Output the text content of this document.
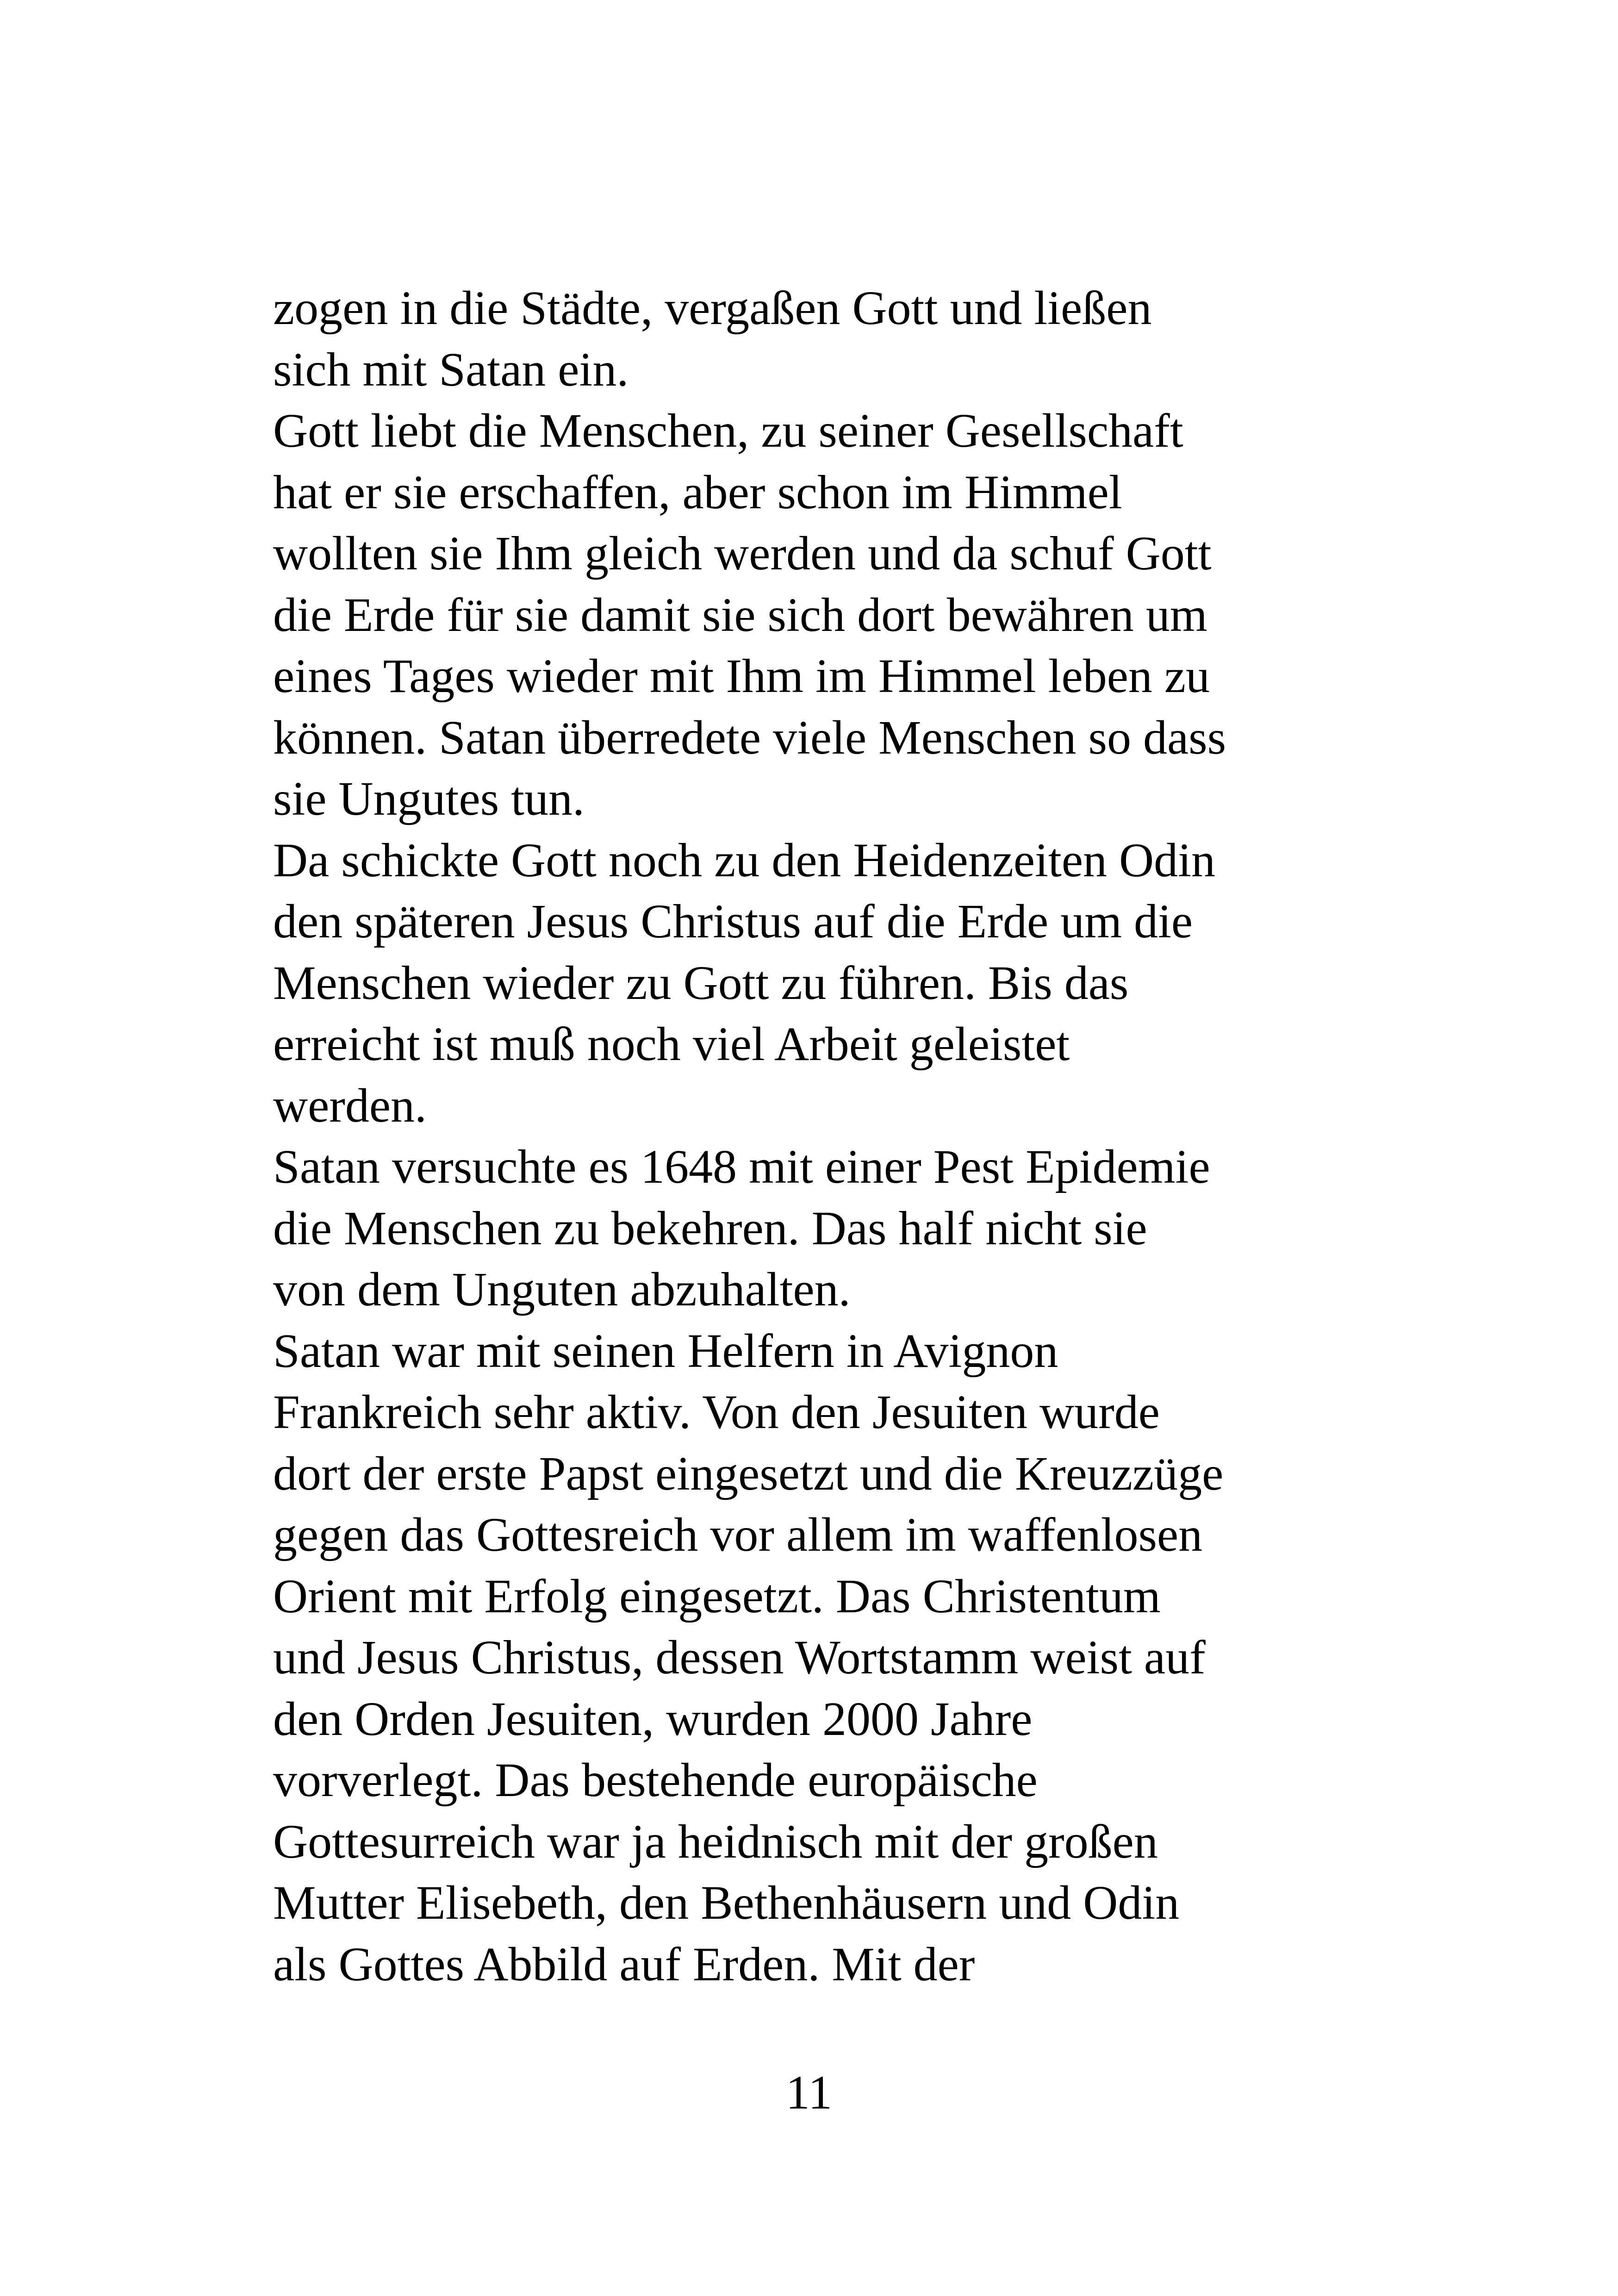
zogen in die Städte, vergaßen Gott und ließen
sich mit Satan ein.
Gott liebt die Menschen, zu seiner Gesellschaft
hat er sie erschaffen, aber schon im Himmel
wollten sie Ihm gleich werden und da schuf Gott
die Erde für sie damit sie sich dort bewähren um
eines Tages wieder mit Ihm im Himmel leben zu
können. Satan überredete viele Menschen so dass
sie Ungutes tun.
Da schickte Gott noch zu den Heidenzeiten Odin
den späteren Jesus Christus auf die Erde um die
Menschen wieder zu Gott zu führen. Bis das
erreicht ist muß noch viel Arbeit geleistet
werden.
Satan versuchte es 1648 mit einer Pest Epidemie
die Menschen zu bekehren. Das half nicht sie
von dem Unguten abzuhalten.
Satan war mit seinen Helfern in Avignon
Frankreich sehr aktiv. Von den Jesuiten wurde
dort der erste Papst eingesetzt und die Kreuzzüge
gegen das Gottesreich vor allem im waffenlosen
Orient mit Erfolg eingesetzt. Das Christentum
und Jesus Christus, dessen Wortstamm weist auf
den Orden Jesuiten, wurden 2000 Jahre
vorverlegt. Das bestehende europäische
Gottesurreich war ja heidnisch mit der großen
Mutter Elisebeth, den Bethenhäusern und Odin
als Gottes Abbild auf Erden. Mit der
11
